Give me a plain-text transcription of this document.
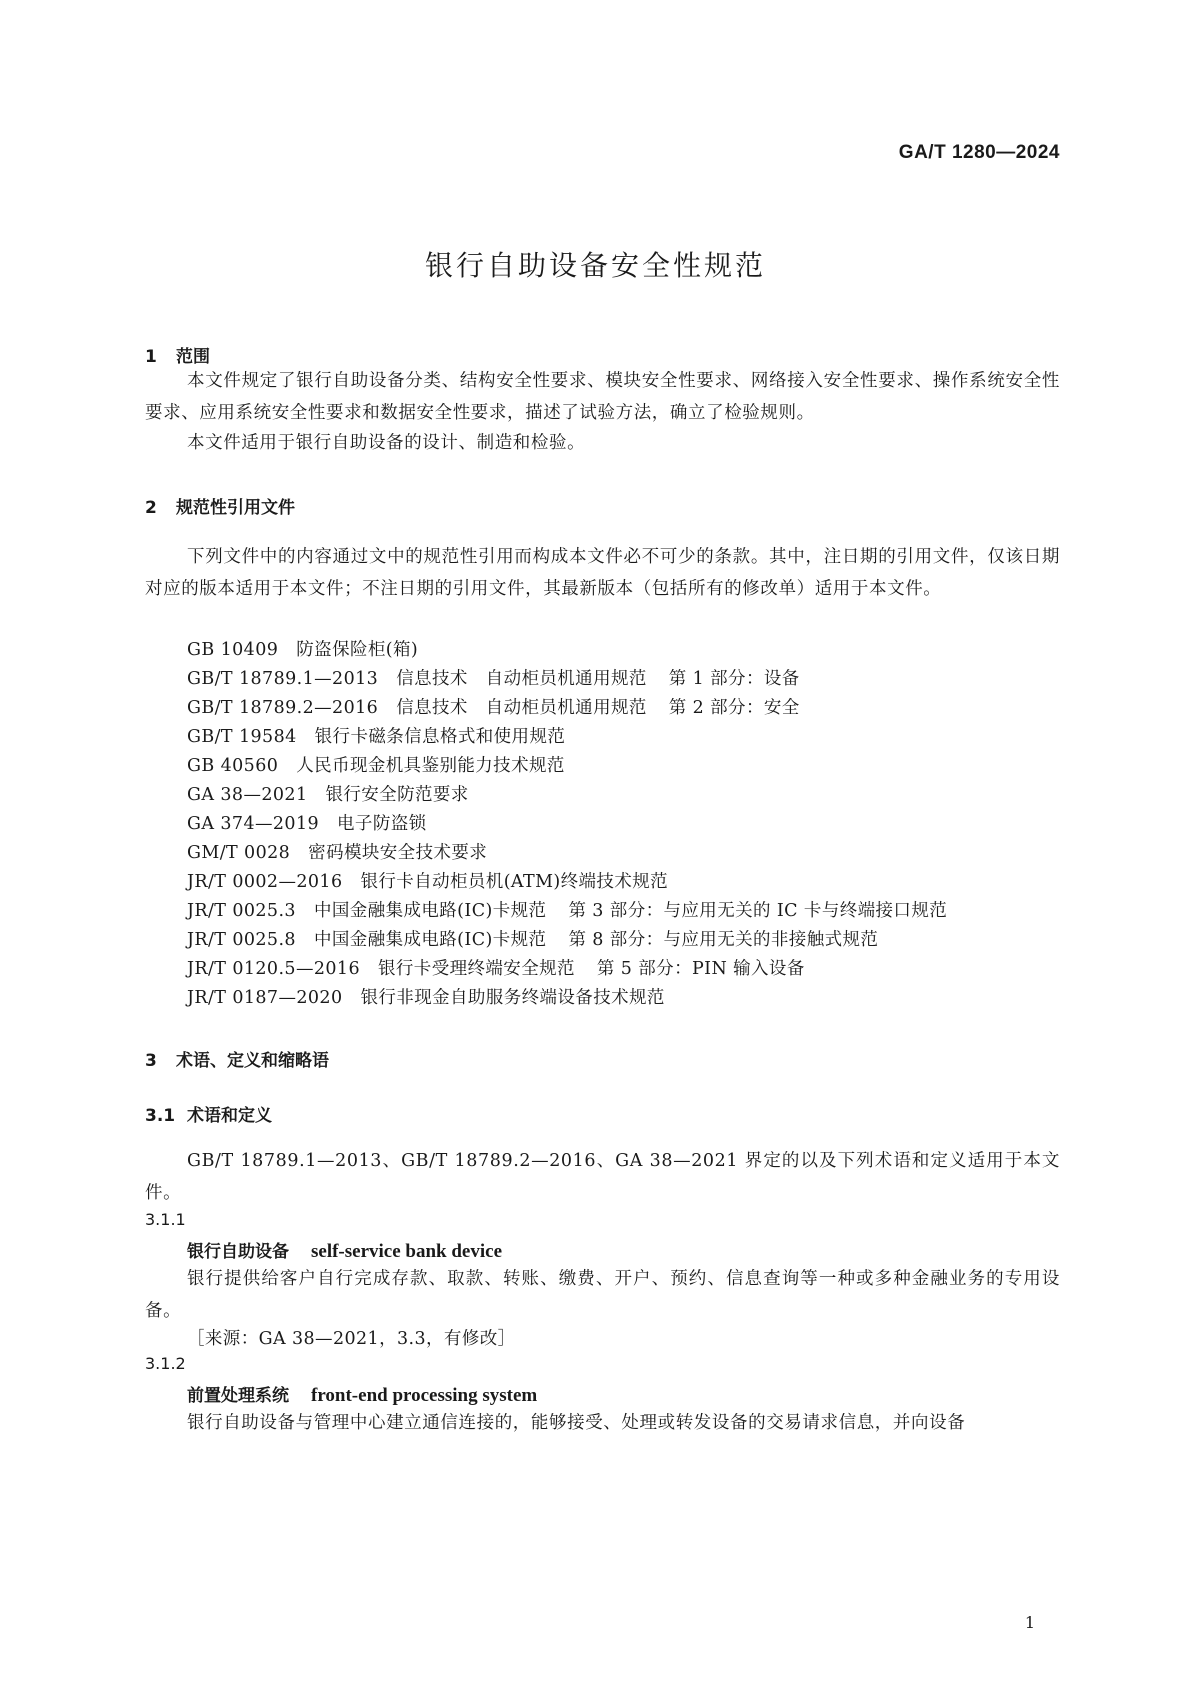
GA/T 1280—2024
银行自助设备安全性规范
1 范围
本文件规定了银行自助设备分类、结构安全性要求、模块安全性要求、网络接入安全性要求、操作系统安全性要求、应用系统安全性要求和数据安全性要求，描述了试验方法，确立了检验规则。
本文件适用于银行自助设备的设计、制造和检验。
2 规范性引用文件
下列文件中的内容通过文中的规范性引用而构成本文件必不可少的条款。其中，注日期的引用文件，仅该日期对应的版本适用于本文件；不注日期的引用文件，其最新版本（包括所有的修改单）适用于本文件。
GB 10409 防盗保险柜(箱)
GB/T 18789.1—2013 信息技术　自动柜员机通用规范 第 1 部分：设备
GB/T 18789.2—2016 信息技术　自动柜员机通用规范 第 2 部分：安全
GB/T 19584 银行卡磁条信息格式和使用规范
GB 40560 人民币现金机具鉴别能力技术规范
GA 38—2021 银行安全防范要求
GA 374—2019 电子防盗锁
GM/T 0028 密码模块安全技术要求
JR/T 0002—2016 银行卡自动柜员机(ATM)终端技术规范
JR/T 0025.3 中国金融集成电路(IC)卡规范 第 3 部分：与应用无关的 IC 卡与终端接口规范
JR/T 0025.8 中国金融集成电路(IC)卡规范 第 8 部分：与应用无关的非接触式规范
JR/T 0120.5—2016 银行卡受理终端安全规范 第 5 部分：PIN 输入设备
JR/T 0187—2020 银行非现金自助服务终端设备技术规范
3 术语、定义和缩略语
3.1 术语和定义
GB/T 18789.1—2013、GB/T 18789.2—2016、GA 38—2021 界定的以及下列术语和定义适用于本文件。
3.1.1
银行自助设备 self-service bank device
银行提供给客户自行完成存款、取款、转账、缴费、开户、预约、信息查询等一种或多种金融业务的专用设备。
［来源：GA 38—2021，3.3，有修改］
3.1.2
前置处理系统 front-end processing system
银行自助设备与管理中心建立通信连接的，能够接受、处理或转发设备的交易请求信息，并向设备
1
